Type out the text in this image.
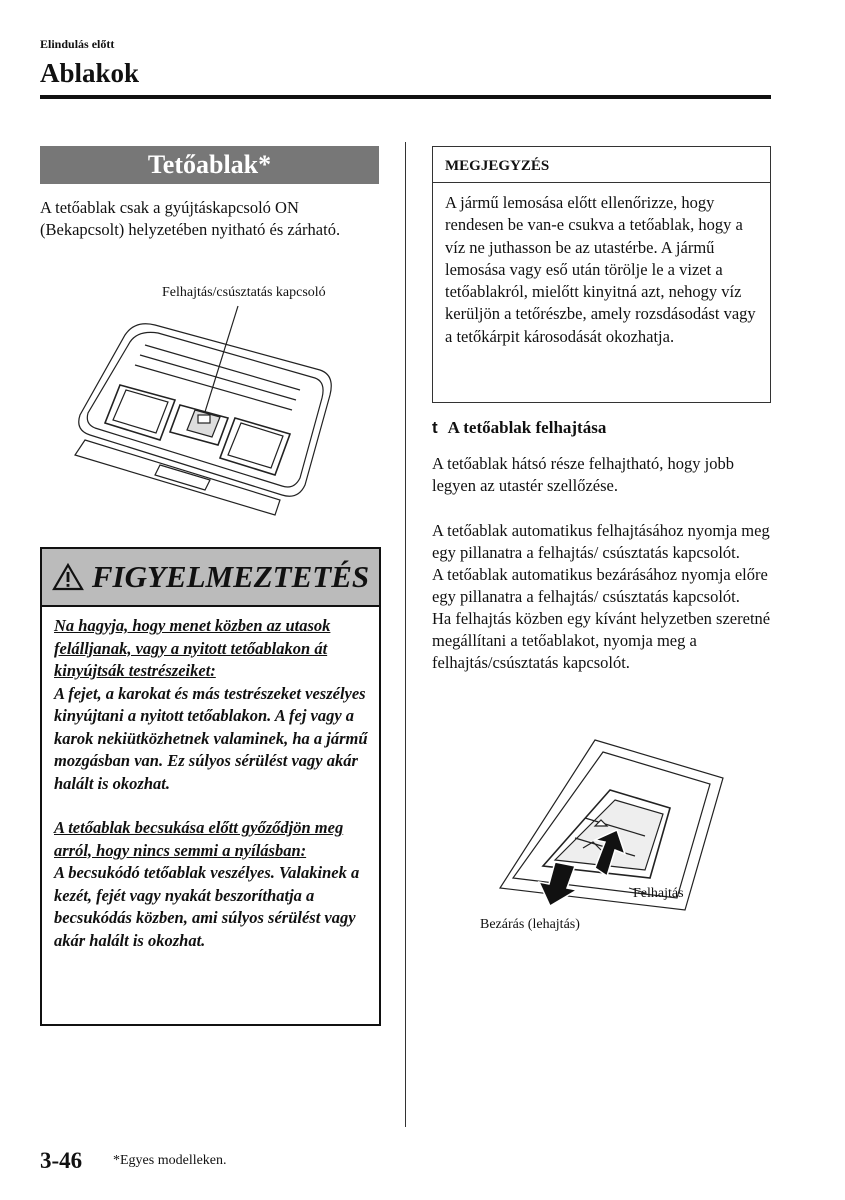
Elindulás előtt
Ablakok
Tetőablak*
A tetőablak csak a gyújtáskapcsoló ON (Bekapcsolt) helyzetében nyitható és zárható.
Felhajtás/csúsztatás kapcsoló
FIGYELMEZTETÉS

Na hagyja, hogy menet közben az utasok felálljanak, vagy a nyitott tetőablakon át kinyújtsák testrészeiket:
A fejet, a karokat és más testrészeket veszélyes kinyújtani a nyitott tetőablakon. A fej vagy a karok nekiütközhetnek valaminek, ha a jármű mozgásban van. Ez súlyos sérülést vagy akár halált is okozhat.

A tetőablak becsukása előtt győződjön meg arról, hogy nincs semmi a nyílásban:
A becsukódó tetőablak veszélyes. Valakinek a kezét, fejét vagy nyakát beszoríthatja a becsukódás közben, ami súlyos sérülést vagy akár halált is okozhat.

MEGJEGYZÉS
A jármű lemosása előtt ellenőrizze, hogy rendesen be van-e csukva a tetőablak, hogy a víz ne juthasson be az utastérbe. A jármű lemosása vagy eső után törölje le a vizet a tetőablakról, mielőtt kinyitná azt, nehogy víz kerüljön a tetőrészbe, amely rozsdásodást vagy a tetőkárpit károsodását okozhatja.
t A tetőablak felhajtása
A tetőablak hátsó része felhajtható, hogy jobb legyen az utastér szellőzése.
A tetőablak automatikus felhajtásához nyomja meg egy pillanatra a felhajtás/ csúsztatás kapcsolót.
A tetőablak automatikus bezárásához nyomja előre egy pillanatra a felhajtás/ csúsztatás kapcsolót.
Ha felhajtás közben egy kívánt helyzetben szeretné megállítani a tetőablakot, nyomja meg a felhajtás/csúsztatás kapcsolót.
Felhajtás
Bezárás (lehajtás)
3-46 *Egyes modelleken.
